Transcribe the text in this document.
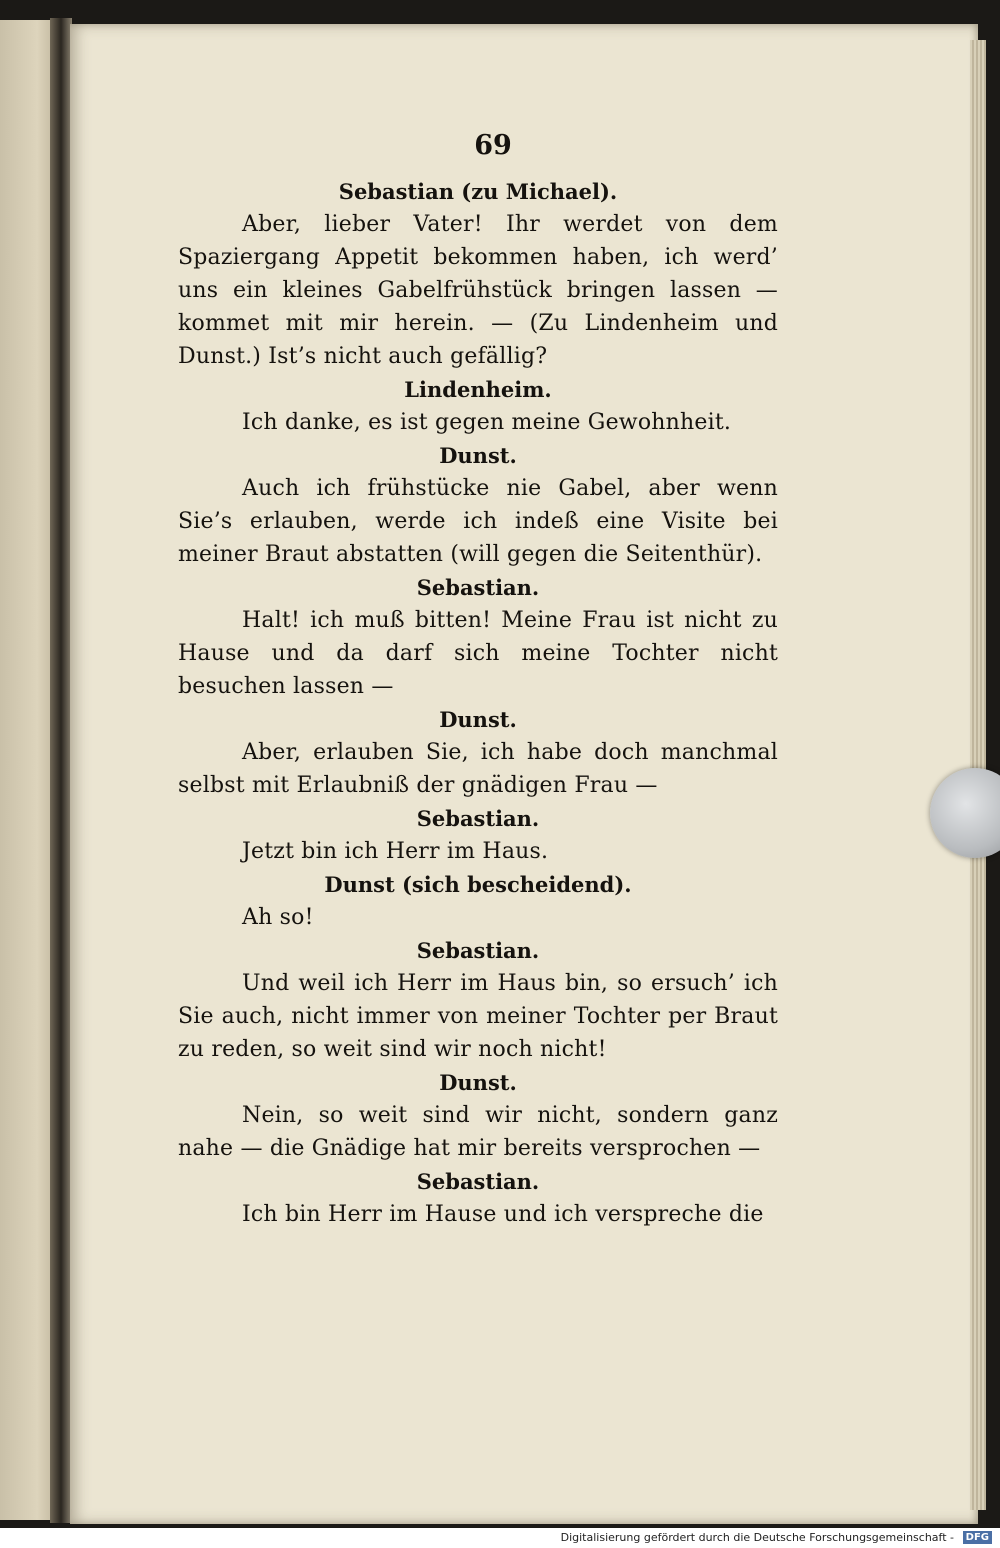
69
Sebastian (zu Michael).
Aber, lieber Vater! Ihr werdet von dem Spaziergang Appetit bekommen haben, ich werd’ uns ein kleines Gabelfrühstück bringen lassen — kommet mit mir herein. — (Zu Lindenheim und Dunst.) Ist’s nicht auch gefällig?
Lindenheim.
Ich danke, es ist gegen meine Gewohnheit.
Dunst.
Auch ich frühstücke nie Gabel, aber wenn Sie’s erlauben, werde ich indeß eine Visite bei meiner Braut abstatten (will gegen die Seitenthür).
Sebastian.
Halt! ich muß bitten! Meine Frau ist nicht zu Hause und da darf sich meine Tochter nicht besuchen lassen —
Dunst.
Aber, erlauben Sie, ich habe doch manchmal selbst mit Erlaubniß der gnädigen Frau —
Sebastian.
Jetzt bin ich Herr im Haus.
Dunst (sich bescheidend).
Ah so!
Sebastian.
Und weil ich Herr im Haus bin, so ersuch’ ich Sie auch, nicht immer von meiner Tochter per Braut zu reden, so weit sind wir noch nicht!
Dunst.
Nein, so weit sind wir nicht, sondern ganz nahe — die Gnädige hat mir bereits versprochen —
Sebastian.
Ich bin Herr im Hause und ich verspreche die
Digitalisierung gefördert durch die Deutsche Forschungsgemeinschaft -	DFG
